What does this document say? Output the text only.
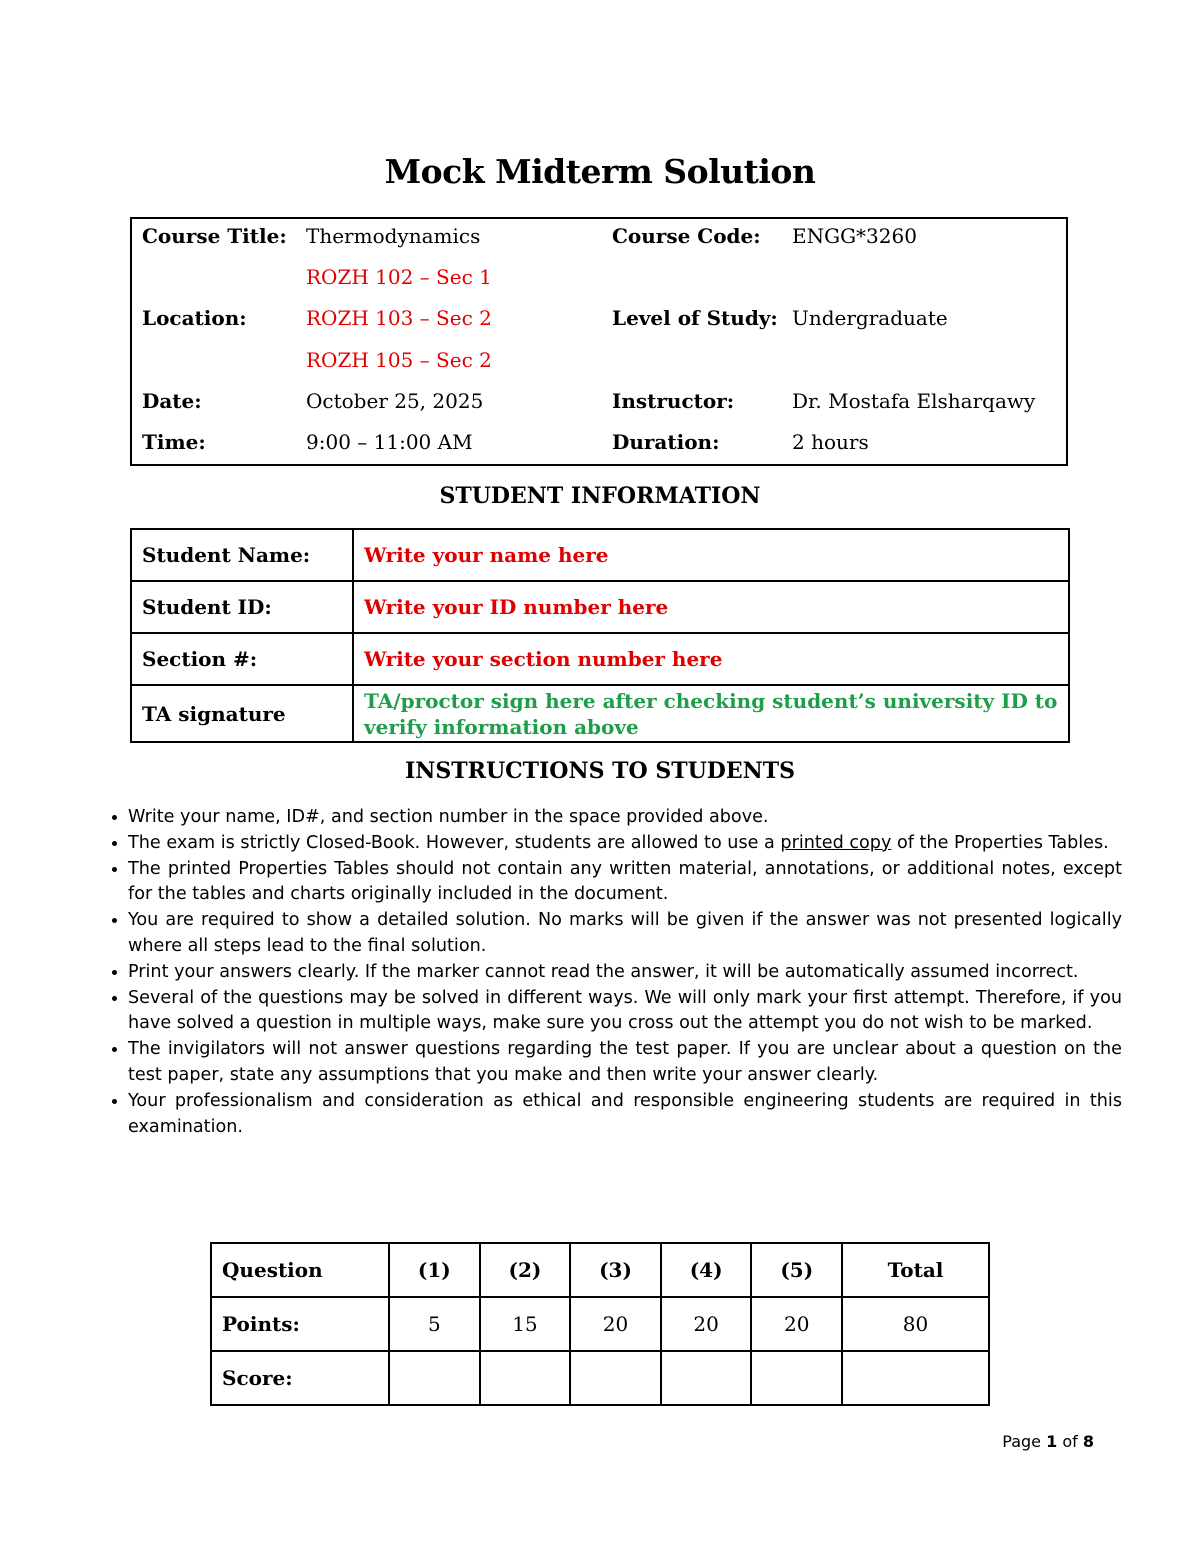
Mock Midterm Solution
Course Title: Thermodynamics	Course Code: ENGG*3260
ROZH 102 – Sec 1
Location:	ROZH 103 – Sec 2	Level of Study: Undergraduate
ROZH 105 – Sec 2
Date:	October 25, 2025	Instructor:	Dr. Mostafa Elsharqawy
Time:	9:00 – 11:00 AM	Duration:	2 hours
STUDENT INFORMATION
Student Name:	Write your name here
Student ID:	Write your ID number here
Section #:	Write your section number here
TA signature	TA/proctor sign here after checking student’s university ID to verify information above
INSTRUCTIONS TO STUDENTS
• Write your name, ID#, and section number in the space provided above.
• The exam is strictly Closed-Book. However, students are allowed to use a printed copy of the Properties Tables.
• The printed Properties Tables should not contain any written material, annotations, or additional notes, except for the tables and charts originally included in the document.
• You are required to show a detailed solution. No marks will be given if the answer was not presented logically where all steps lead to the final solution.
• Print your answers clearly. If the marker cannot read the answer, it will be automatically assumed incorrect.
• Several of the questions may be solved in different ways. We will only mark your first attempt. Therefore, if you have solved a question in multiple ways, make sure you cross out the attempt you do not wish to be marked.
• The invigilators will not answer questions regarding the test paper. If you are unclear about a question on the test paper, state any assumptions that you make and then write your answer clearly.
• Your professionalism and consideration as ethical and responsible engineering students are required in this examination.
Question	(1)	(2)	(3)	(4)	(5)	Total
Points:	5	15	20	20	20	80
Score:						
Page 1 of 8
